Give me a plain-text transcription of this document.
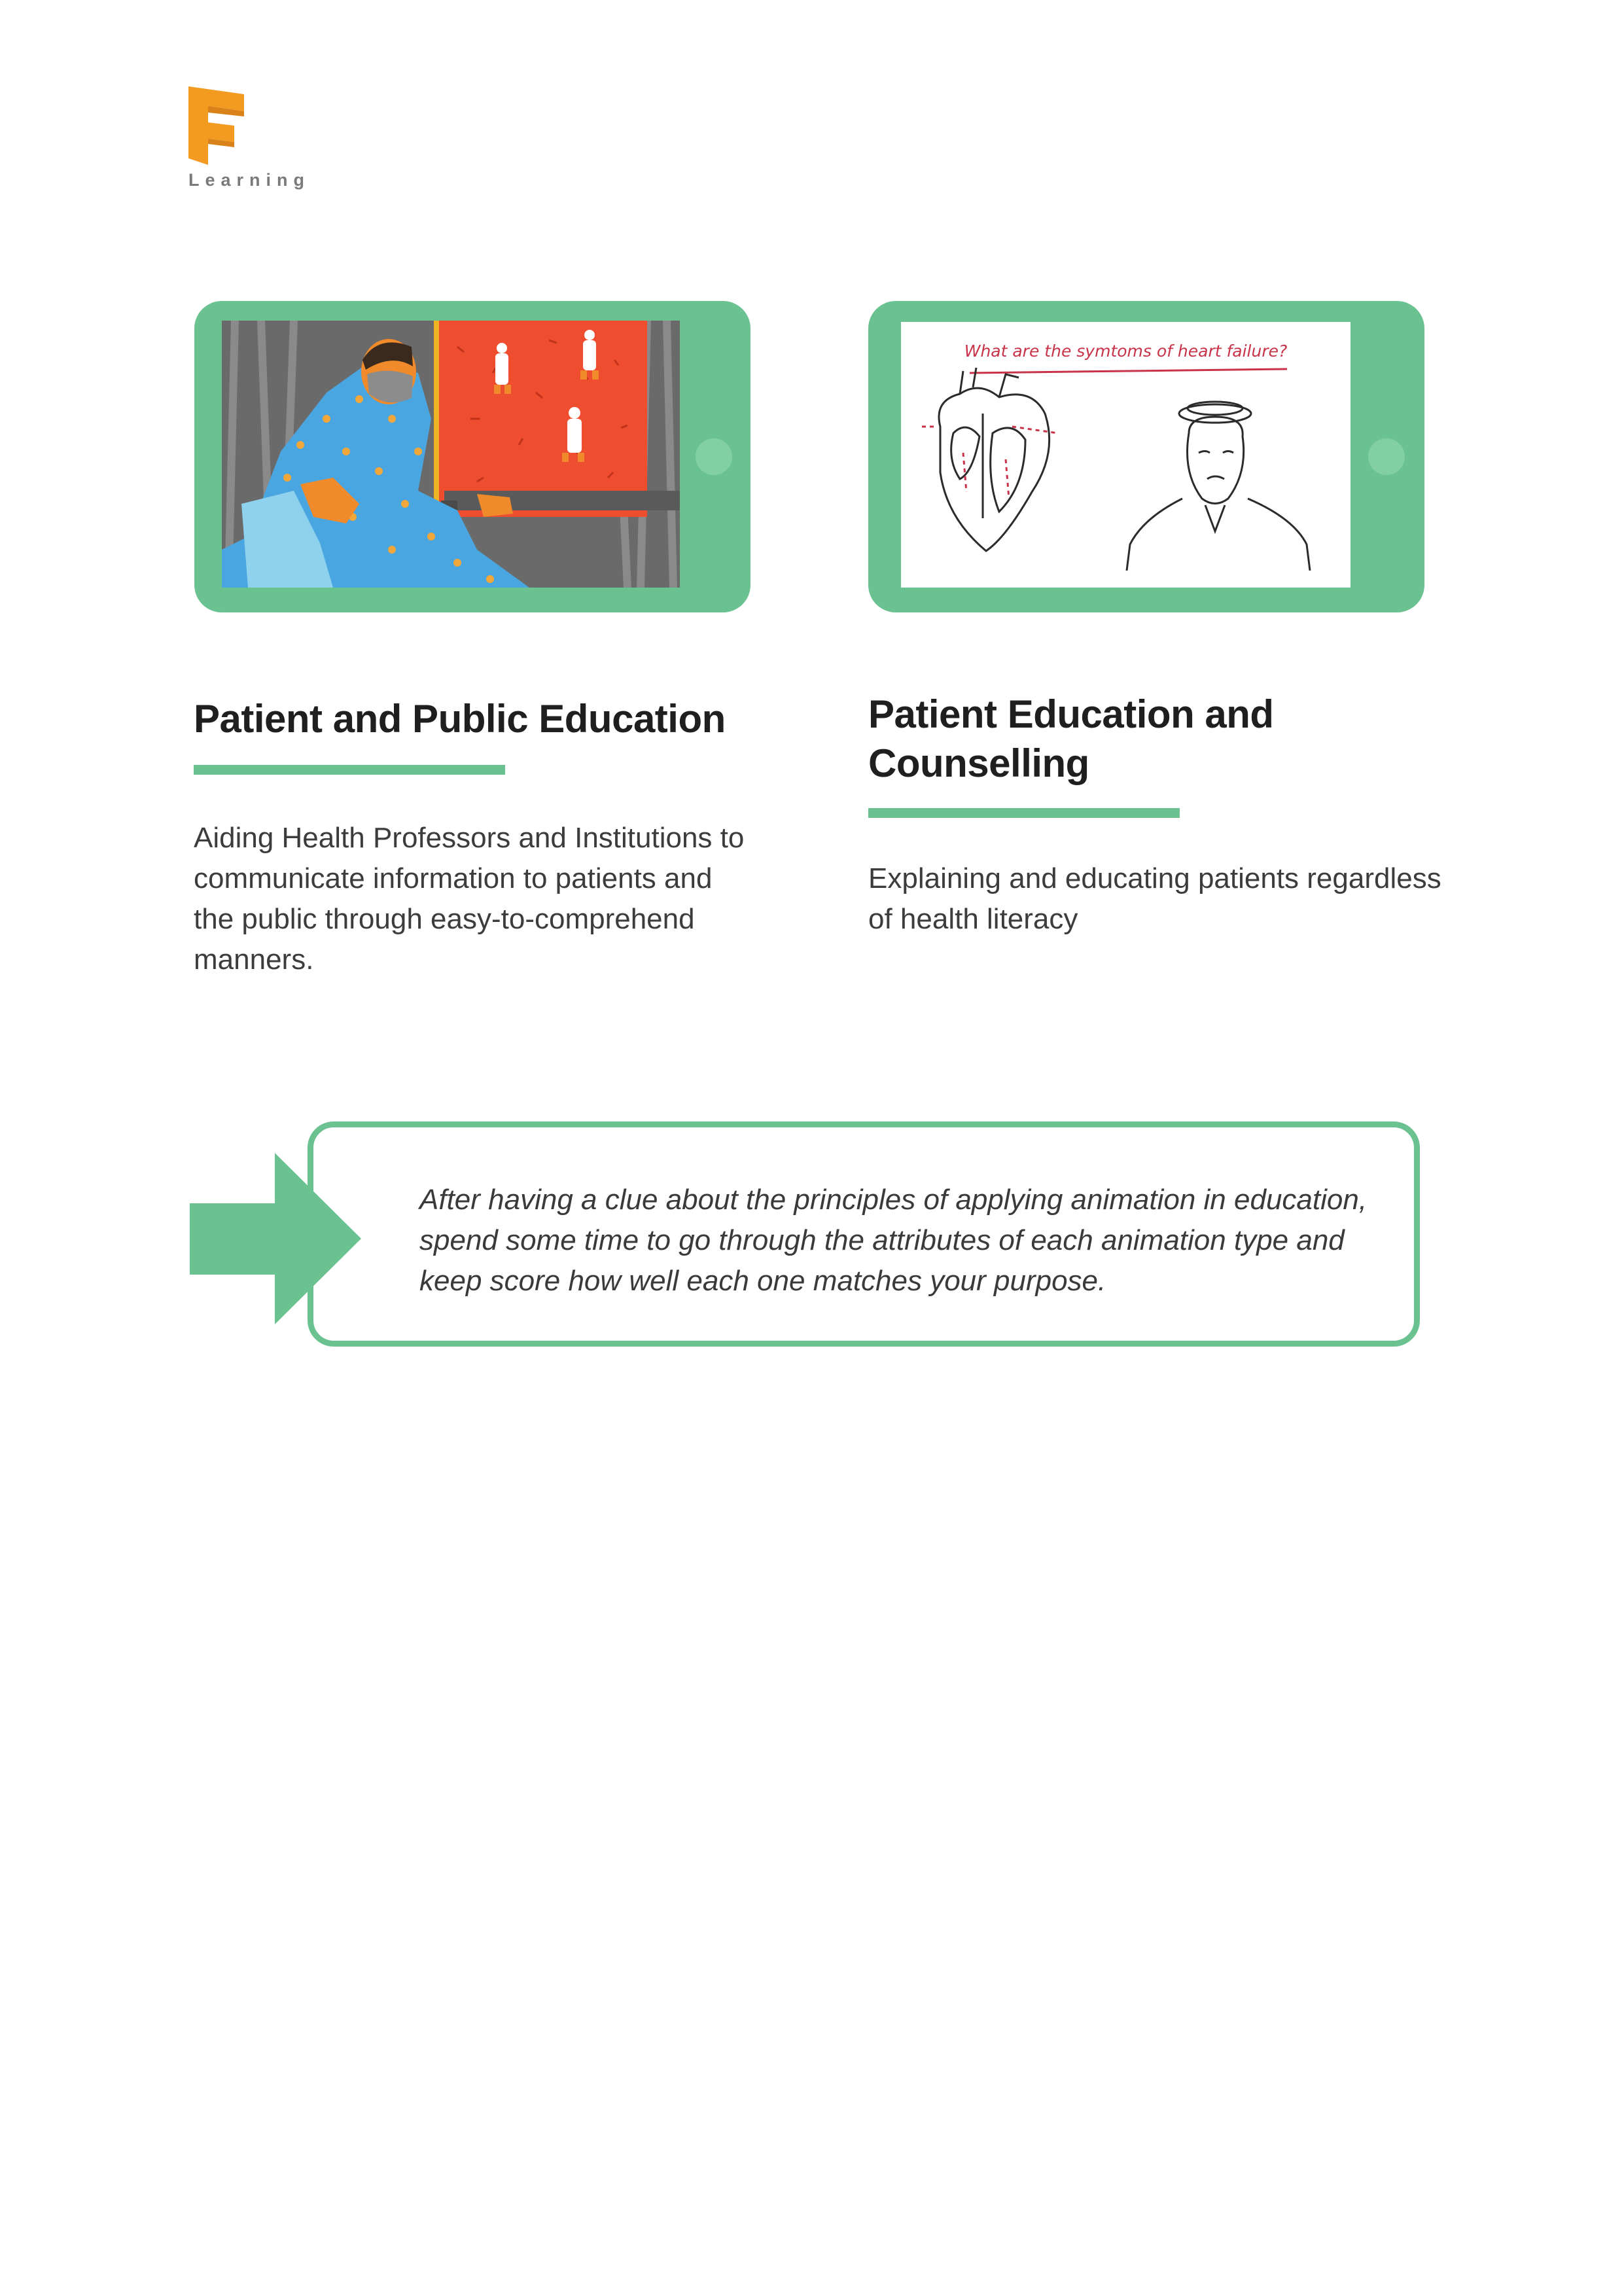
Learning
What are the symtoms of heart failure?
Patient and Public Education
Aiding Health Professors and Institutions to communicate information to patients and the public through easy-to-comprehend manners.
Patient Education and Counselling
Explaining and educating patients regardless of health literacy
After having a clue about the principles of applying animation in education, spend some time to go through the attributes of each animation type and keep score how well each one matches your purpose.
